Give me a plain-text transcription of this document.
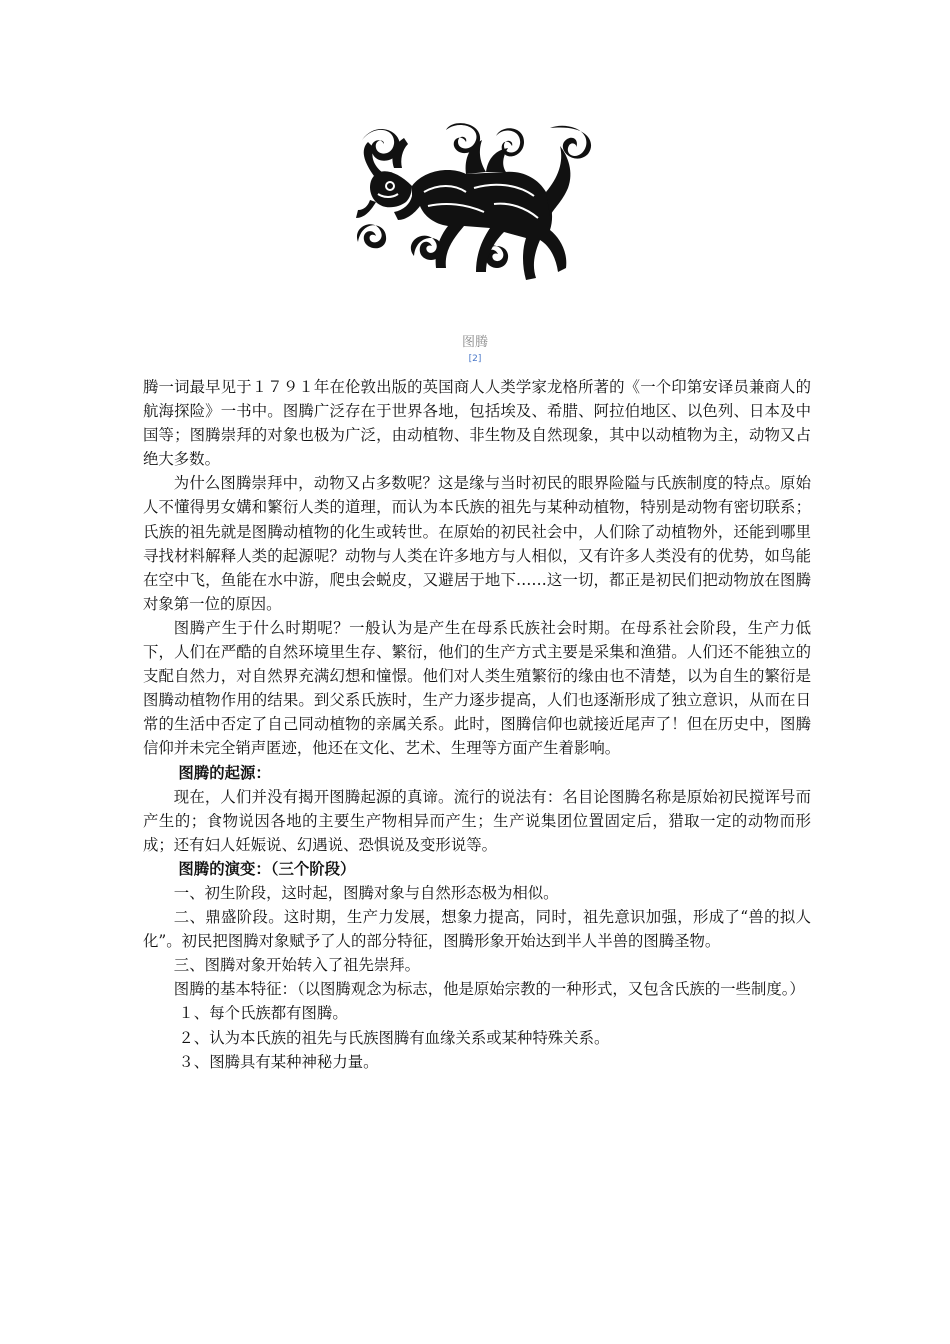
图腾
[2]

腾一词最早见于１７９１年在伦敦出版的英国商人人类学家龙格所著的《一个印第安译员兼商人的航海探险》一书中。图腾广泛存在于世界各地，包括埃及、希腊、阿拉伯地区、以色列、日本及中国等；图腾崇拜的对象也极为广泛，由动植物、非生物及自然现象，其中以动植物为主，动物又占绝大多数。

为什么图腾崇拜中，动物又占多数呢？这是缘与当时初民的眼界险隘与氏族制度的特点。原始人不懂得男女媾和繁衍人类的道理，而认为本氏族的祖先与某种动植物，特别是动物有密切联系；氏族的祖先就是图腾动植物的化生或转世。在原始的初民社会中，人们除了动植物外，还能到哪里寻找材料解释人类的起源呢？动物与人类在许多地方与人相似，又有许多人类没有的优势，如鸟能在空中飞，鱼能在水中游，爬虫会蜕皮，又避居于地下……这一切，都正是初民们把动物放在图腾对象第一位的原因。

图腾产生于什么时期呢？一般认为是产生在母系氏族社会时期。在母系社会阶段，生产力低下，人们在严酷的自然环境里生存、繁衍，他们的生产方式主要是采集和渔猎。人们还不能独立的支配自然力，对自然界充满幻想和憧憬。他们对人类生殖繁衍的缘由也不清楚，以为自生的繁衍是图腾动植物作用的结果。到父系氏族时，生产力逐步提高，人们也逐渐形成了独立意识，从而在日常的生活中否定了自己同动植物的亲属关系。此时，图腾信仰也就接近尾声了！但在历史中，图腾信仰并未完全销声匿迹，他还在文化、艺术、生理等方面产生着影响。

图腾的起源：

现在，人们并没有揭开图腾起源的真谛。流行的说法有：名目论图腾名称是原始初民搅诨号而产生的；食物说因各地的主要生产物相异而产生；生产说集团位置固定后，猎取一定的动物而形成；还有妇人妊娠说、幻遇说、恐惧说及变形说等。

图腾的演变：（三个阶段）

一、初生阶段，这时起，图腾对象与自然形态极为相似。

二、鼎盛阶段。这时期，生产力发展，想象力提高，同时，祖先意识加强，形成了“兽的拟人化”。初民把图腾对象赋予了人的部分特征，图腾形象开始达到半人半兽的图腾圣物。

三、图腾对象开始转入了祖先崇拜。

图腾的基本特征：（以图腾观念为标志，他是原始宗教的一种形式，又包含氏族的一些制度。）

１、每个氏族都有图腾。

２、认为本氏族的祖先与氏族图腾有血缘关系或某种特殊关系。

３、图腾具有某种神秘力量。
